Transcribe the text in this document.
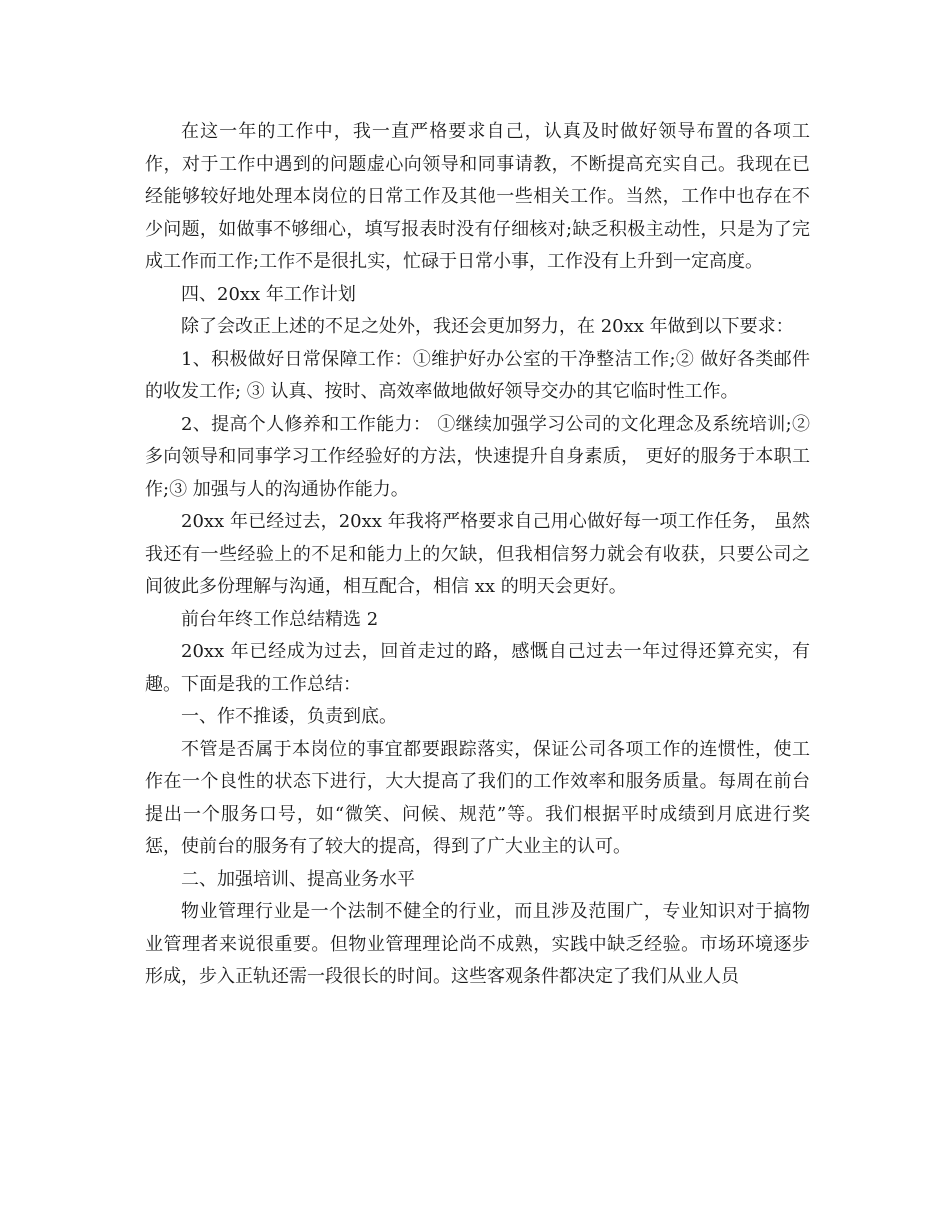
在这一年的工作中，我一直严格要求自己，认真及时做好领导布置的各项工作，对于工作中遇到的问题虚心向领导和同事请教，不断提高充实自己。我现在已经能够较好地处理本岗位的日常工作及其他一些相关工作。当然，工作中也存在不少问题，如做事不够细心，填写报表时没有仔细核对;缺乏积极主动性，只是为了完成工作而工作;工作不是很扎实，忙碌于日常小事，工作没有上升到一定高度。

四、20xx 年工作计划

除了会改正上述的不足之处外，我还会更加努力，在 20xx 年做到以下要求：

1、积极做好日常保障工作：①维护好办公室的干净整洁工作;② 做好各类邮件的收发工作; ③ 认真、按时、高效率做地做好领导交办的其它临时性工作。

2、提高个人修养和工作能力： ①继续加强学习公司的文化理念及系统培训;② 多向领导和同事学习工作经验好的方法，快速提升自身素质， 更好的服务于本职工作;③ 加强与人的沟通协作能力。

20xx 年已经过去，20xx 年我将严格要求自己用心做好每一项工作任务， 虽然我还有一些经验上的不足和能力上的欠缺，但我相信努力就会有收获，只要公司之间彼此多份理解与沟通，相互配合，相信 xx 的明天会更好。

前台年终工作总结精选 2

20xx 年已经成为过去，回首走过的路，感慨自己过去一年过得还算充实，有趣。下面是我的工作总结：

一、作不推诿，负责到底。

不管是否属于本岗位的事宜都要跟踪落实，保证公司各项工作的连惯性，使工作在一个良性的状态下进行，大大提高了我们的工作效率和服务质量。每周在前台提出一个服务口号，如“微笑、问候、规范”等。我们根据平时成绩到月底进行奖惩，使前台的服务有了较大的提高，得到了广大业主的认可。

二、加强培训、提高业务水平

物业管理行业是一个法制不健全的行业，而且涉及范围广，专业知识对于搞物业管理者来说很重要。但物业管理理论尚不成熟，实践中缺乏经验。市场环境逐步形成，步入正轨还需一段很长的时间。这些客观条件都决定了我们从业人员
